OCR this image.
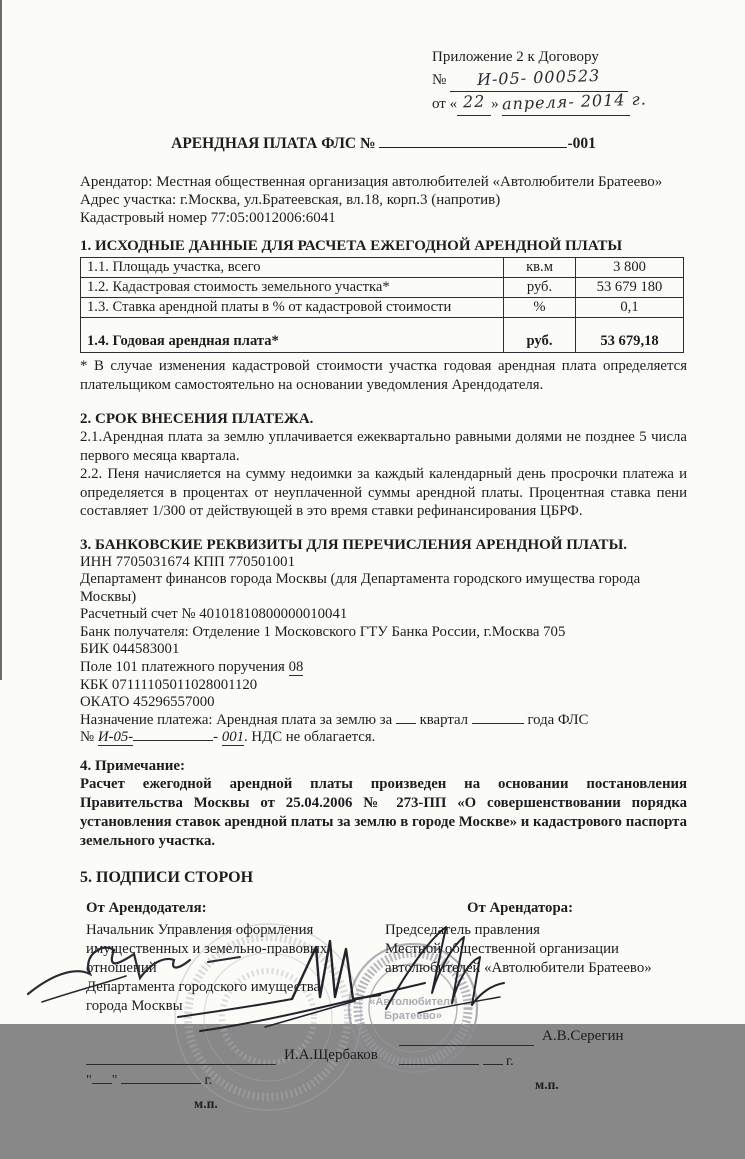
Приложение 2 к Договору
№ И-05- 000523
от « 22 » апреля- 2014 г.
АРЕНДНАЯ ПЛАТА ФЛС №	-001
Арендатор: Местная общественная организация автолюбителей «Автолюбители Братеево»
Адрес участка: г.Москва, ул.Братеевская, вл.18, корп.3 (напротив)
Кадастровый номер 77:05:0012006:6041
1. ИСХОДНЫЕ ДАННЫЕ ДЛЯ РАСЧЕТА ЕЖЕГОДНОЙ АРЕНДНОЙ ПЛАТЫ
1.1. Площадь участка, всего	кв.м	3 800
1.2. Кадастровая стоимость земельного участка*	руб.	53 679 180
1.3. Ставка арендной платы в % от кадастровой стоимости	%	0,1
1.4. Годовая арендная плата*	руб.	53 679,18
* В случае изменения кадастровой стоимости участка годовая арендная плата определяется плательщиком самостоятельно на основании уведомления Арендодателя.
2. СРОК ВНЕСЕНИЯ ПЛАТЕЖА.
2.1.Арендная плата за землю уплачивается ежеквартально равными долями не позднее 5 числа первого месяца квартала.
2.2. Пеня начисляется на сумму недоимки за каждый календарный день просрочки платежа и определяется в процентах от неуплаченной суммы арендной платы. Процентная ставка пени составляет 1/300 от действующей в это время ставки рефинансирования ЦБРФ.
3. БАНКОВСКИЕ РЕКВИЗИТЫ ДЛЯ ПЕРЕЧИСЛЕНИЯ АРЕНДНОЙ ПЛАТЫ.
ИНН 7705031674 КПП 770501001
Департамент финансов города Москвы (для Департамента городского имущества города Москвы)
Расчетный счет № 40101810800000010041
Банк получателя: Отделение 1 Московского ГТУ Банка России, г.Москва 705
БИК 044583001
Поле 101 платежного поручения 08
КБК 07111105011028001120
ОКАТО 45296557000
Назначение платежа: Арендная плата за землю за квартал	года ФЛС
№ И-05-	- 001. НДС не облагается.
4. Примечание:
Расчет ежегодной арендной платы произведен на основании постановления Правительства Москвы от 25.04.2006 № 273-ПП «О совершенствовании порядка установления ставок арендной платы за землю в городе Москве» и кадастрового паспорта земельного участка.
5. ПОДПИСИ СТОРОН
«Автолюбители
Братеево»
От Арендодателя:
Начальник Управления оформления
имущественных и земельно-правовых отношений
Департамента городского имущества
города Москвы
И.А.Щербаков
" "	г.
м.п.
От Арендатора:
Председатель правления
Местной общественной организации
автолюбителей «Автолюбители Братеево»
А.В.Серегин
г.
м.п.
